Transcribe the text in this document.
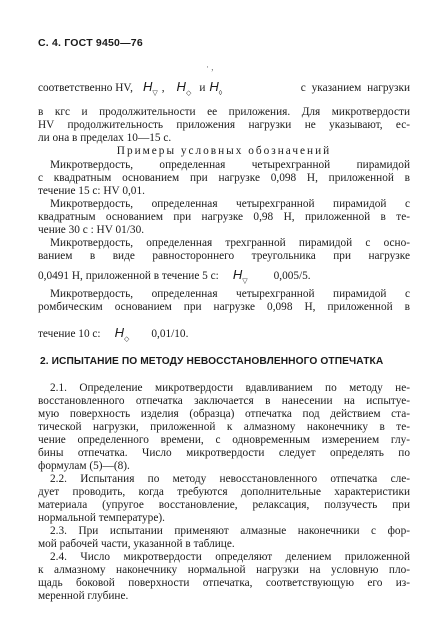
С. 4. ГОСТ 9450—76
· ,
соответственно HV, $H_▽$ , $H_◇$ и $H_◊$	с указанием нагрузки
в кгс и продолжительности ее приложения. Для микротвердости
HV продолжительность приложения нагрузки не указывают, ес-
ли она в пределах 10—15 с.
Примеры условных обозначений
Микротвердость, определенная четырехгранной пирамидой
с квадратным основанием при нагрузке 0,098 Н, приложенной в
течение 15 с: HV 0,01.
Микротвердость, определенная четырехгранной пирамидой с
квадратным основанием при нагрузке 0,98 Н, приложенной в те-
чение 30 с : HV 01/30.
Микротвердость, определенная трехгранной пирамидой с осно-
ванием в виде равностороннего треугольника при нагрузке
0,0491 Н, приложенной в течение 5 с: $H_▽$ 0,005/5.
Микротвердость, определенная четырехгранной пирамидой с
ромбическим основанием при нагрузке 0,098 Н, приложенной в
течение 10 с: $H_◇$ 0,01/10.
2. ИСПЫТАНИЕ ПО МЕТОДУ НЕВОССТАНОВЛЕННОГО ОТПЕЧАТКА
2.1. Определение микротвердости вдавливанием по методу не-
восстановленного отпечатка заключается в нанесении на испытуе-
мую поверхность изделия (образца) отпечатка под действием ста-
тической нагрузки, приложенной к алмазному наконечнику в те-
чение определенного времени, с одновременным измерением глу-
бины отпечатка. Число микротвердости следует определять по
формулам (5)—(8).
2.2. Испытания по методу невосстановленного отпечатка сле-
дует проводить, когда требуются дополнительные характеристики
материала (упругое восстановление, релаксация, ползучесть при
нормальной температуре).
2.3. При испытании применяют алмазные наконечники с фор-
мой рабочей части, указанной в таблице.
2.4. Число микротвердости определяют делением приложенной
к алмазному наконечнику нормальной нагрузки на условную пло-
щадь боковой поверхности отпечатка, соответствующую его из-
меренной глубине.
